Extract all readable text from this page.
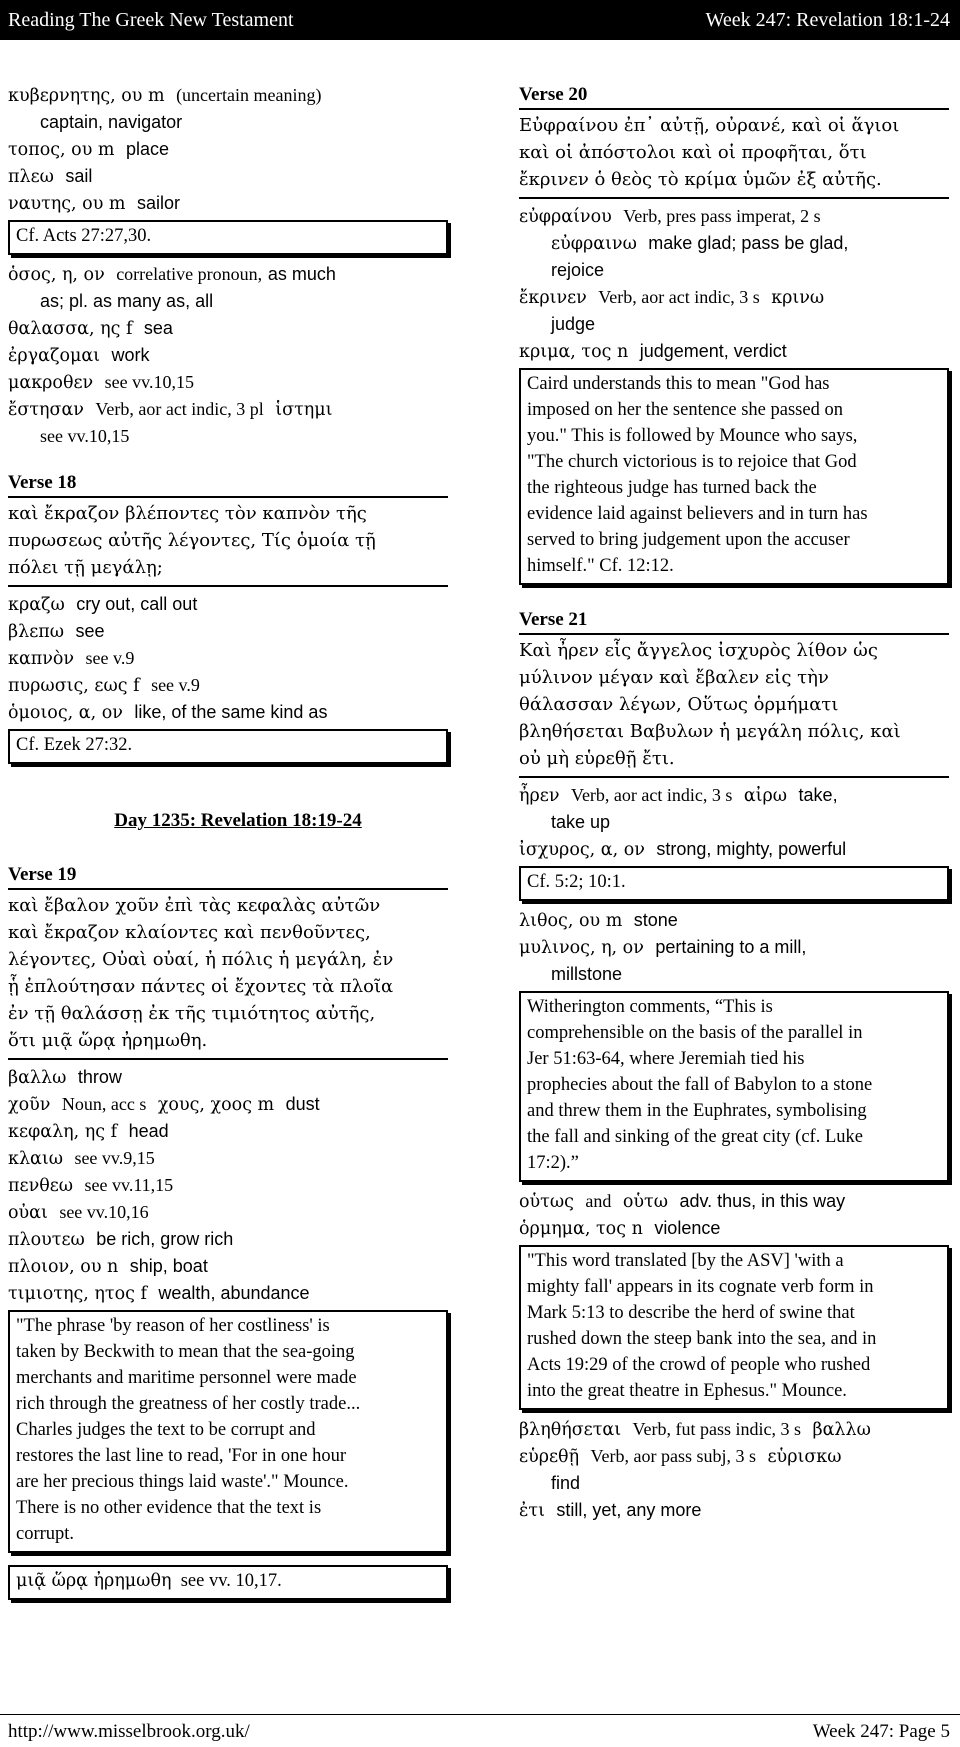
Reading The Greek New Testament	Week 247: Revelation 18:1-24
κυβερνητης, ου m (uncertain meaning)
captain, navigator
τοπος, ου m place
πλεω sail
ναυτης, ου m sailor
Cf. Acts 27:27,30.
ὁσος, η, ον correlative pronoun, as much
as; pl. as many as, all
θαλασσα, ης f sea
ἐργαζομαι work
μακροθεν see vv.10,15
ἔστησαν Verb, aor act indic, 3 pl ἱστημι
see vv.10,15
Verse 18
καὶ ἔκραζον βλέποντες τὸν καπνὸν τῆς
πυρωσεως αὐτῆς λέγοντες, Τίς ὁμοία τῇ
πόλει τῇ μεγάλῃ;
κραζω cry out, call out
βλεπω see
καπνὸν see v.9
πυρωσις, εως f see v.9
ὁμοιος, α, ον like, of the same kind as
Cf. Ezek 27:32.
Day 1235: Revelation 18:19-24
Verse 19
καὶ ἔβαλον χοῦν ἐπὶ τὰς κεφαλὰς αὐτῶν
καὶ ἔκραζον κλαίοντες καὶ πενθοῦντες,
λέγοντες, Οὐαὶ οὐαί, ἡ πόλις ἡ μεγάλη, ἐν
ᾗ ἐπλούτησαν πάντες οἱ ἔχοντες τὰ πλοῖα
ἐν τῇ θαλάσσῃ ἐκ τῆς τιμιότητος αὐτῆς,
ὅτι μιᾷ ὥρᾳ ἠρημωθη.
βαλλω throw
χοῦν Noun, acc s χους, χοος m dust
κεφαλη, ης f head
κλαιω see vv.9,15
πενθεω see vv.11,15
οὐαι see vv.10,16
πλουτεω be rich, grow rich
πλοιον, ου n ship, boat
τιμιοτης, ητος f wealth, abundance
"The phrase 'by reason of her costliness' is
taken by Beckwith to mean that the sea-going
merchants and maritime personnel were made
rich through the greatness of her costly trade...
Charles judges the text to be corrupt and
restores the last line to read, 'For in one hour
are her precious things laid waste'." Mounce.
There is no other evidence that the text is
corrupt.
μιᾷ ὥρᾳ ἠρημωθη see vv. 10,17.
Verse 20
Εὐφραίνου ἐπ᾽ αὐτῇ, οὐρανέ, καὶ οἱ ἅγιοι
καὶ οἱ ἀπόστολοι καὶ οἱ προφῆται, ὅτι
ἔκρινεν ὁ θεὸς τὸ κρίμα ὑμῶν ἐξ αὐτῆς.
εὐφραίνου Verb, pres pass imperat, 2 s
εὐφραινω make glad; pass be glad,
rejoice
ἔκρινεν Verb, aor act indic, 3 s κρινω
judge
κριμα, τος n judgement, verdict
Caird understands this to mean "God has
imposed on her the sentence she passed on
you." This is followed by Mounce who says,
"The church victorious is to rejoice that God
the righteous judge has turned back the
evidence laid against believers and in turn has
served to bring judgement upon the accuser
himself." Cf. 12:12.
Verse 21
Καὶ ἦρεν εἷς ἄγγελος ἰσχυρὸς λίθον ὡς
μύλινον μέγαν καὶ ἔβαλεν εἰς τὴν
θάλασσαν λέγων, Οὕτως ὁρμήματι
βληθήσεται Βαβυλων ἡ μεγάλη πόλις, καὶ
οὐ μὴ εὑρεθῇ ἔτι.
ἦρεν Verb, aor act indic, 3 s αἰρω take,
take up
ἰσχυρος, α, ον strong, mighty, powerful
Cf. 5:2; 10:1.
λιθος, ου m stone
μυλινος, η, ον pertaining to a mill,
millstone
Witherington comments, “This is
comprehensible on the basis of the parallel in
Jer 51:63-64, where Jeremiah tied his
prophecies about the fall of Babylon to a stone
and threw them in the Euphrates, symbolising
the fall and sinking of the great city (cf. Luke
17:2).”
οὑτως and οὑτω adv. thus, in this way
ὁρμημα, τος n violence
"This word translated [by the ASV] 'with a
mighty fall' appears in its cognate verb form in
Mark 5:13 to describe the herd of swine that
rushed down the steep bank into the sea, and in
Acts 19:29 of the crowd of people who rushed
into the great theatre in Ephesus." Mounce.
βληθήσεται Verb, fut pass indic, 3 s βαλλω
εὑρεθῇ Verb, aor pass subj, 3 s εὑρισκω
find
ἐτι still, yet, any more
http://www.misselbrook.org.uk/	Week 247: Page 5
